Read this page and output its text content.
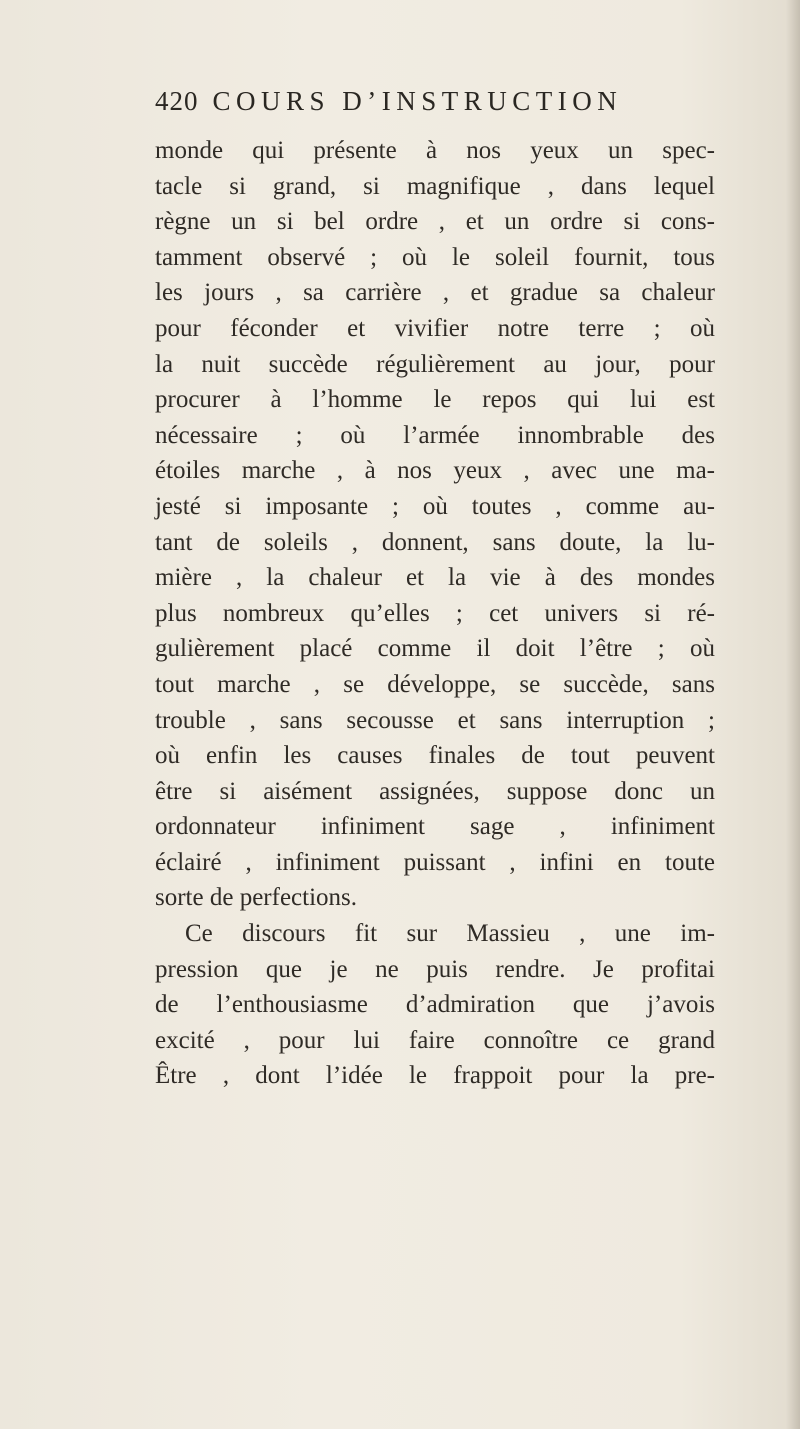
420 COURS D’INSTRUCTION
monde qui présente à nos yeux un spec-
tacle si grand, si magnifique , dans lequel
règne un si bel ordre , et un ordre si cons-
tamment observé ; où le soleil fournit, tous
les jours , sa carrière , et gradue sa chaleur
pour féconder et vivifier notre terre ; où
la nuit succède régulièrement au jour, pour
procurer à l’homme le repos qui lui est
nécessaire ; où l’armée innombrable des
étoiles marche , à nos yeux , avec une ma-
jesté si imposante ; où toutes , comme au-
tant de soleils , donnent, sans doute, la lu-
mière , la chaleur et la vie à des mondes
plus nombreux qu’elles ; cet univers si ré-
gulièrement placé comme il doit l’être ; où
tout marche , se développe, se succède, sans
trouble , sans secousse et sans interruption ;
où enfin les causes finales de tout peuvent
être si aisément assignées, suppose donc un
ordonnateur infiniment sage , infiniment
éclairé , infiniment puissant , infini en toute
sorte de perfections.
Ce discours fit sur Massieu , une im-
pression que je ne puis rendre. Je profitai
de l’enthousiasme d’admiration que j’avois
excité , pour lui faire connoître ce grand
Être , dont l’idée le frappoit pour la pre-
